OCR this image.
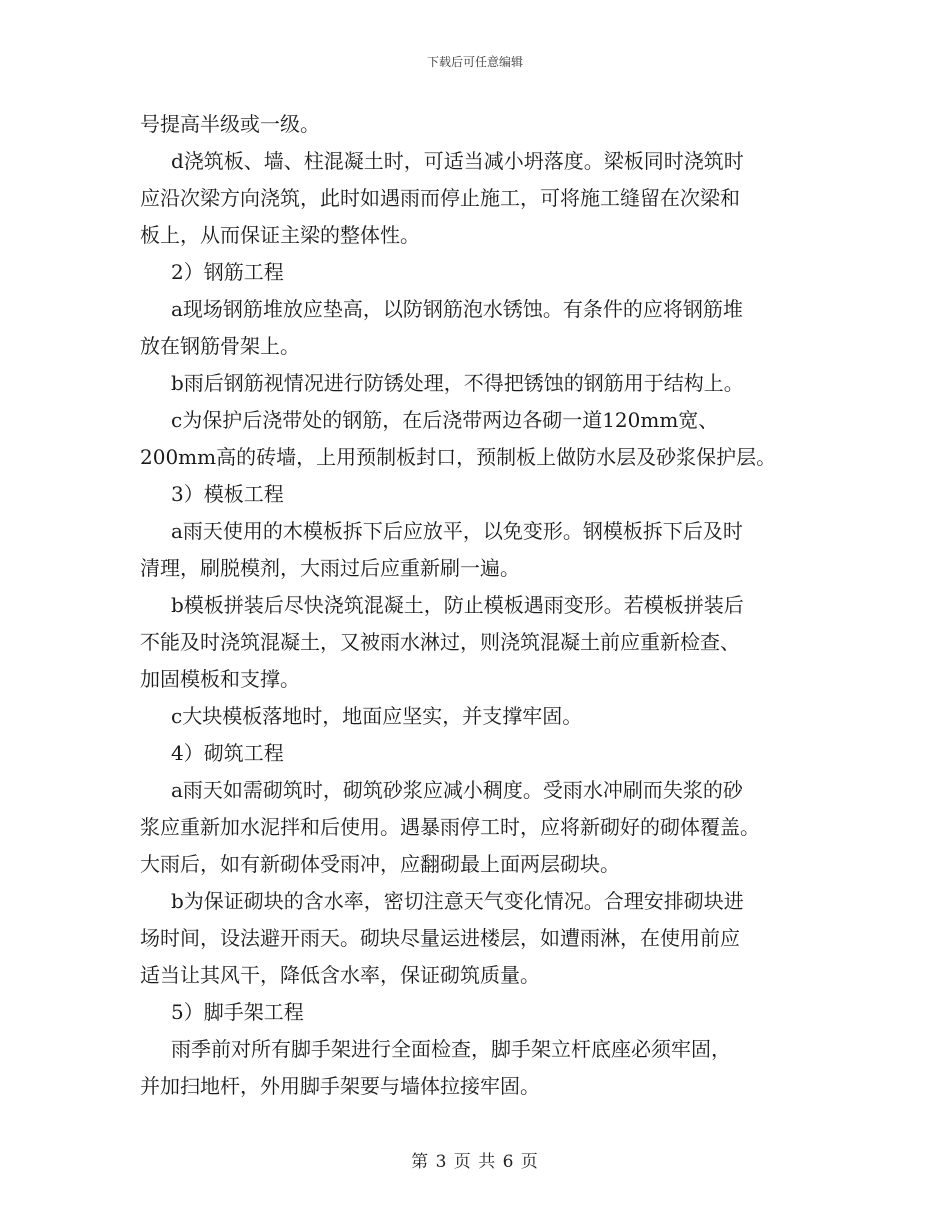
下载后可任意编辑
号提高半级或一级。
d浇筑板、墙、柱混凝土时，可适当减小坍落度。梁板同时浇筑时
应沿次梁方向浇筑，此时如遇雨而停止施工，可将施工缝留在次梁和
板上，从而保证主梁的整体性。
2）钢筋工程
a现场钢筋堆放应垫高，以防钢筋泡水锈蚀。有条件的应将钢筋堆
放在钢筋骨架上。
b雨后钢筋视情况进行防锈处理，不得把锈蚀的钢筋用于结构上。
c为保护后浇带处的钢筋，在后浇带两边各砌一道120mm宽、
200mm高的砖墙，上用预制板封口，预制板上做防水层及砂浆保护层。
3）模板工程
a雨天使用的木模板拆下后应放平，以免变形。钢模板拆下后及时
清理，刷脱模剂，大雨过后应重新刷一遍。
b模板拼装后尽快浇筑混凝土，防止模板遇雨变形。若模板拼装后
不能及时浇筑混凝土，又被雨水淋过，则浇筑混凝土前应重新检查、
加固模板和支撑。
c大块模板落地时，地面应坚实，并支撑牢固。
4）砌筑工程
a雨天如需砌筑时，砌筑砂浆应减小稠度。受雨水冲刷而失浆的砂
浆应重新加水泥拌和后使用。遇暴雨停工时，应将新砌好的砌体覆盖。
大雨后，如有新砌体受雨冲，应翻砌最上面两层砌块。
b为保证砌块的含水率，密切注意天气变化情况。合理安排砌块进
场时间，设法避开雨天。砌块尽量运进楼层，如遭雨淋，在使用前应
适当让其风干，降低含水率，保证砌筑质量。
5）脚手架工程
雨季前对所有脚手架进行全面检查，脚手架立杆底座必须牢固，
并加扫地杆，外用脚手架要与墙体拉接牢固。
第 3 页 共 6 页
